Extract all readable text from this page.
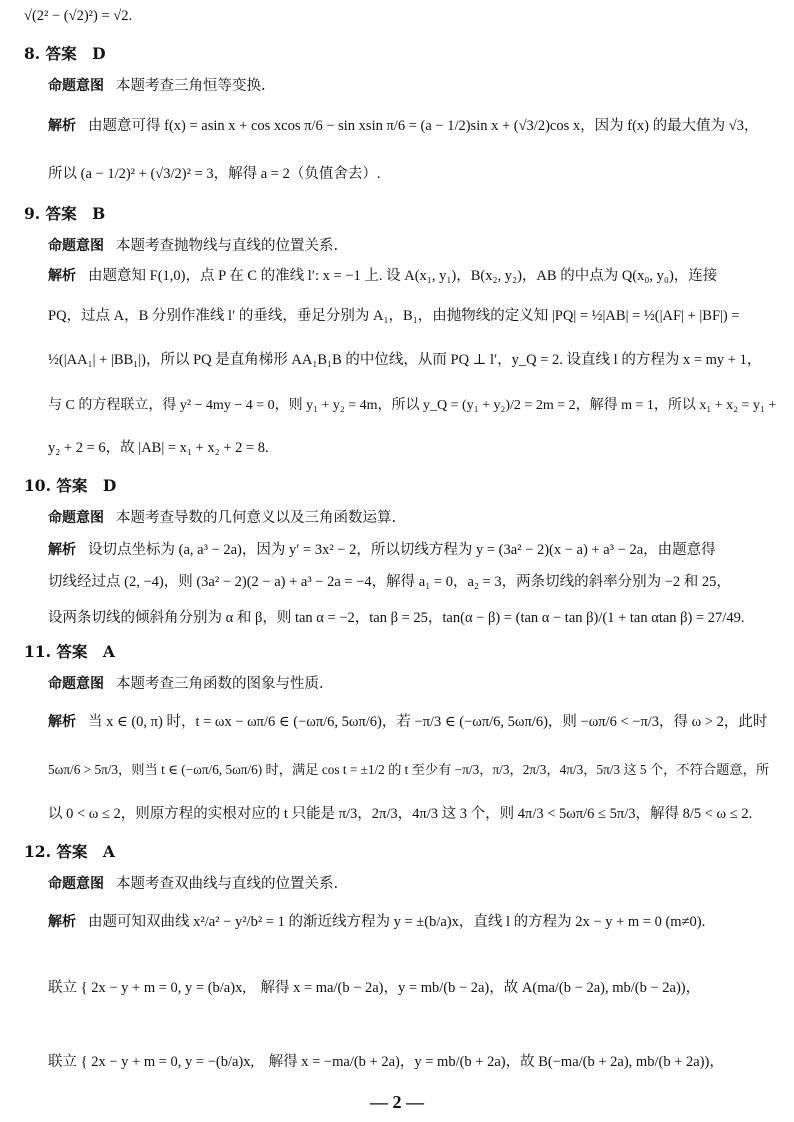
√(2² − (√2)²) = √2.
8. 答案　D
命题意图 本题考查三角恒等变换.
解析 由题意可得 f(x) = asin x + cos xcos π/6 − sin xsin π/6 = (a − 1/2)sin x + (√3/2)cos x，因为 f(x) 的最大值为 √3，
所以 (a − 1/2)² + (√3/2)² = 3，解得 a = 2（负值舍去）.
9. 答案　B
命题意图 本题考查抛物线与直线的位置关系.
解析 由题意知 F(1,0)，点 P 在 C 的准线 l′: x = −1 上. 设 A(x₁, y₁)，B(x₂, y₂)，AB 的中点为 Q(x₀, y₀)，连接
PQ，过点 A，B 分别作准线 l′ 的垂线，垂足分别为 A₁，B₁，由抛物线的定义知 |PQ| = ½|AB| = ½(|AF| + |BF|) =
½(|AA₁| + |BB₁|)，所以 PQ 是直角梯形 AA₁B₁B 的中位线，从而 PQ ⊥ l′，y_Q = 2. 设直线 l 的方程为 x = my + 1，
与 C 的方程联立，得 y² − 4my − 4 = 0，则 y₁ + y₂ = 4m，所以 y_Q = (y₁ + y₂)/2 = 2m = 2，解得 m = 1，所以 x₁ + x₂ = y₁ +
y₂ + 2 = 6，故 |AB| = x₁ + x₂ + 2 = 8.
10. 答案　D
命题意图 本题考查导数的几何意义以及三角函数运算.
解析 设切点坐标为 (a, a³ − 2a)，因为 y′ = 3x² − 2，所以切线方程为 y = (3a² − 2)(x − a) + a³ − 2a，由题意得
切线经过点 (2, −4)，则 (3a² − 2)(2 − a) + a³ − 2a = −4，解得 a₁ = 0，a₂ = 3，两条切线的斜率分别为 −2 和 25，
设两条切线的倾斜角分别为 α 和 β，则 tan α = −2，tan β = 25，tan(α − β) = (tan α − tan β)/(1 + tan αtan β) = 27/49.
11. 答案　A
命题意图 本题考查三角函数的图象与性质.
解析 当 x ∈ (0, π) 时，t = ωx − ωπ/6 ∈ (−ωπ/6, 5ωπ/6)，若 −π/3 ∈ (−ωπ/6, 5ωπ/6)，则 −ωπ/6 < −π/3，得 ω > 2，此时
5ωπ/6 > 5π/3，则当 t ∈ (−ωπ/6, 5ωπ/6) 时，满足 cos t = ±1/2 的 t 至少有 −π/3，π/3，2π/3，4π/3，5π/3 这 5 个，不符合题意，所
以 0 < ω ≤ 2，则原方程的实根对应的 t 只能是 π/3，2π/3，4π/3 这 3 个，则 4π/3 < 5ωπ/6 ≤ 5π/3，解得 8/5 < ω ≤ 2.
12. 答案　A
命题意图 本题考查双曲线与直线的位置关系.
解析 由题可知双曲线 x²/a² − y²/b² = 1 的渐近线方程为 y = ±(b/a)x，直线 l 的方程为 2x − y + m = 0 (m≠0).
联立 { 2x − y + m = 0, y = (b/a)x,　解得 x = ma/(b − 2a)，y = mb/(b − 2a)，故 A(ma/(b − 2a), mb/(b − 2a))，
联立 { 2x − y + m = 0, y = −(b/a)x,　解得 x = −ma/(b + 2a)，y = mb/(b + 2a)，故 B(−ma/(b + 2a), mb/(b + 2a))，
— 2 —
